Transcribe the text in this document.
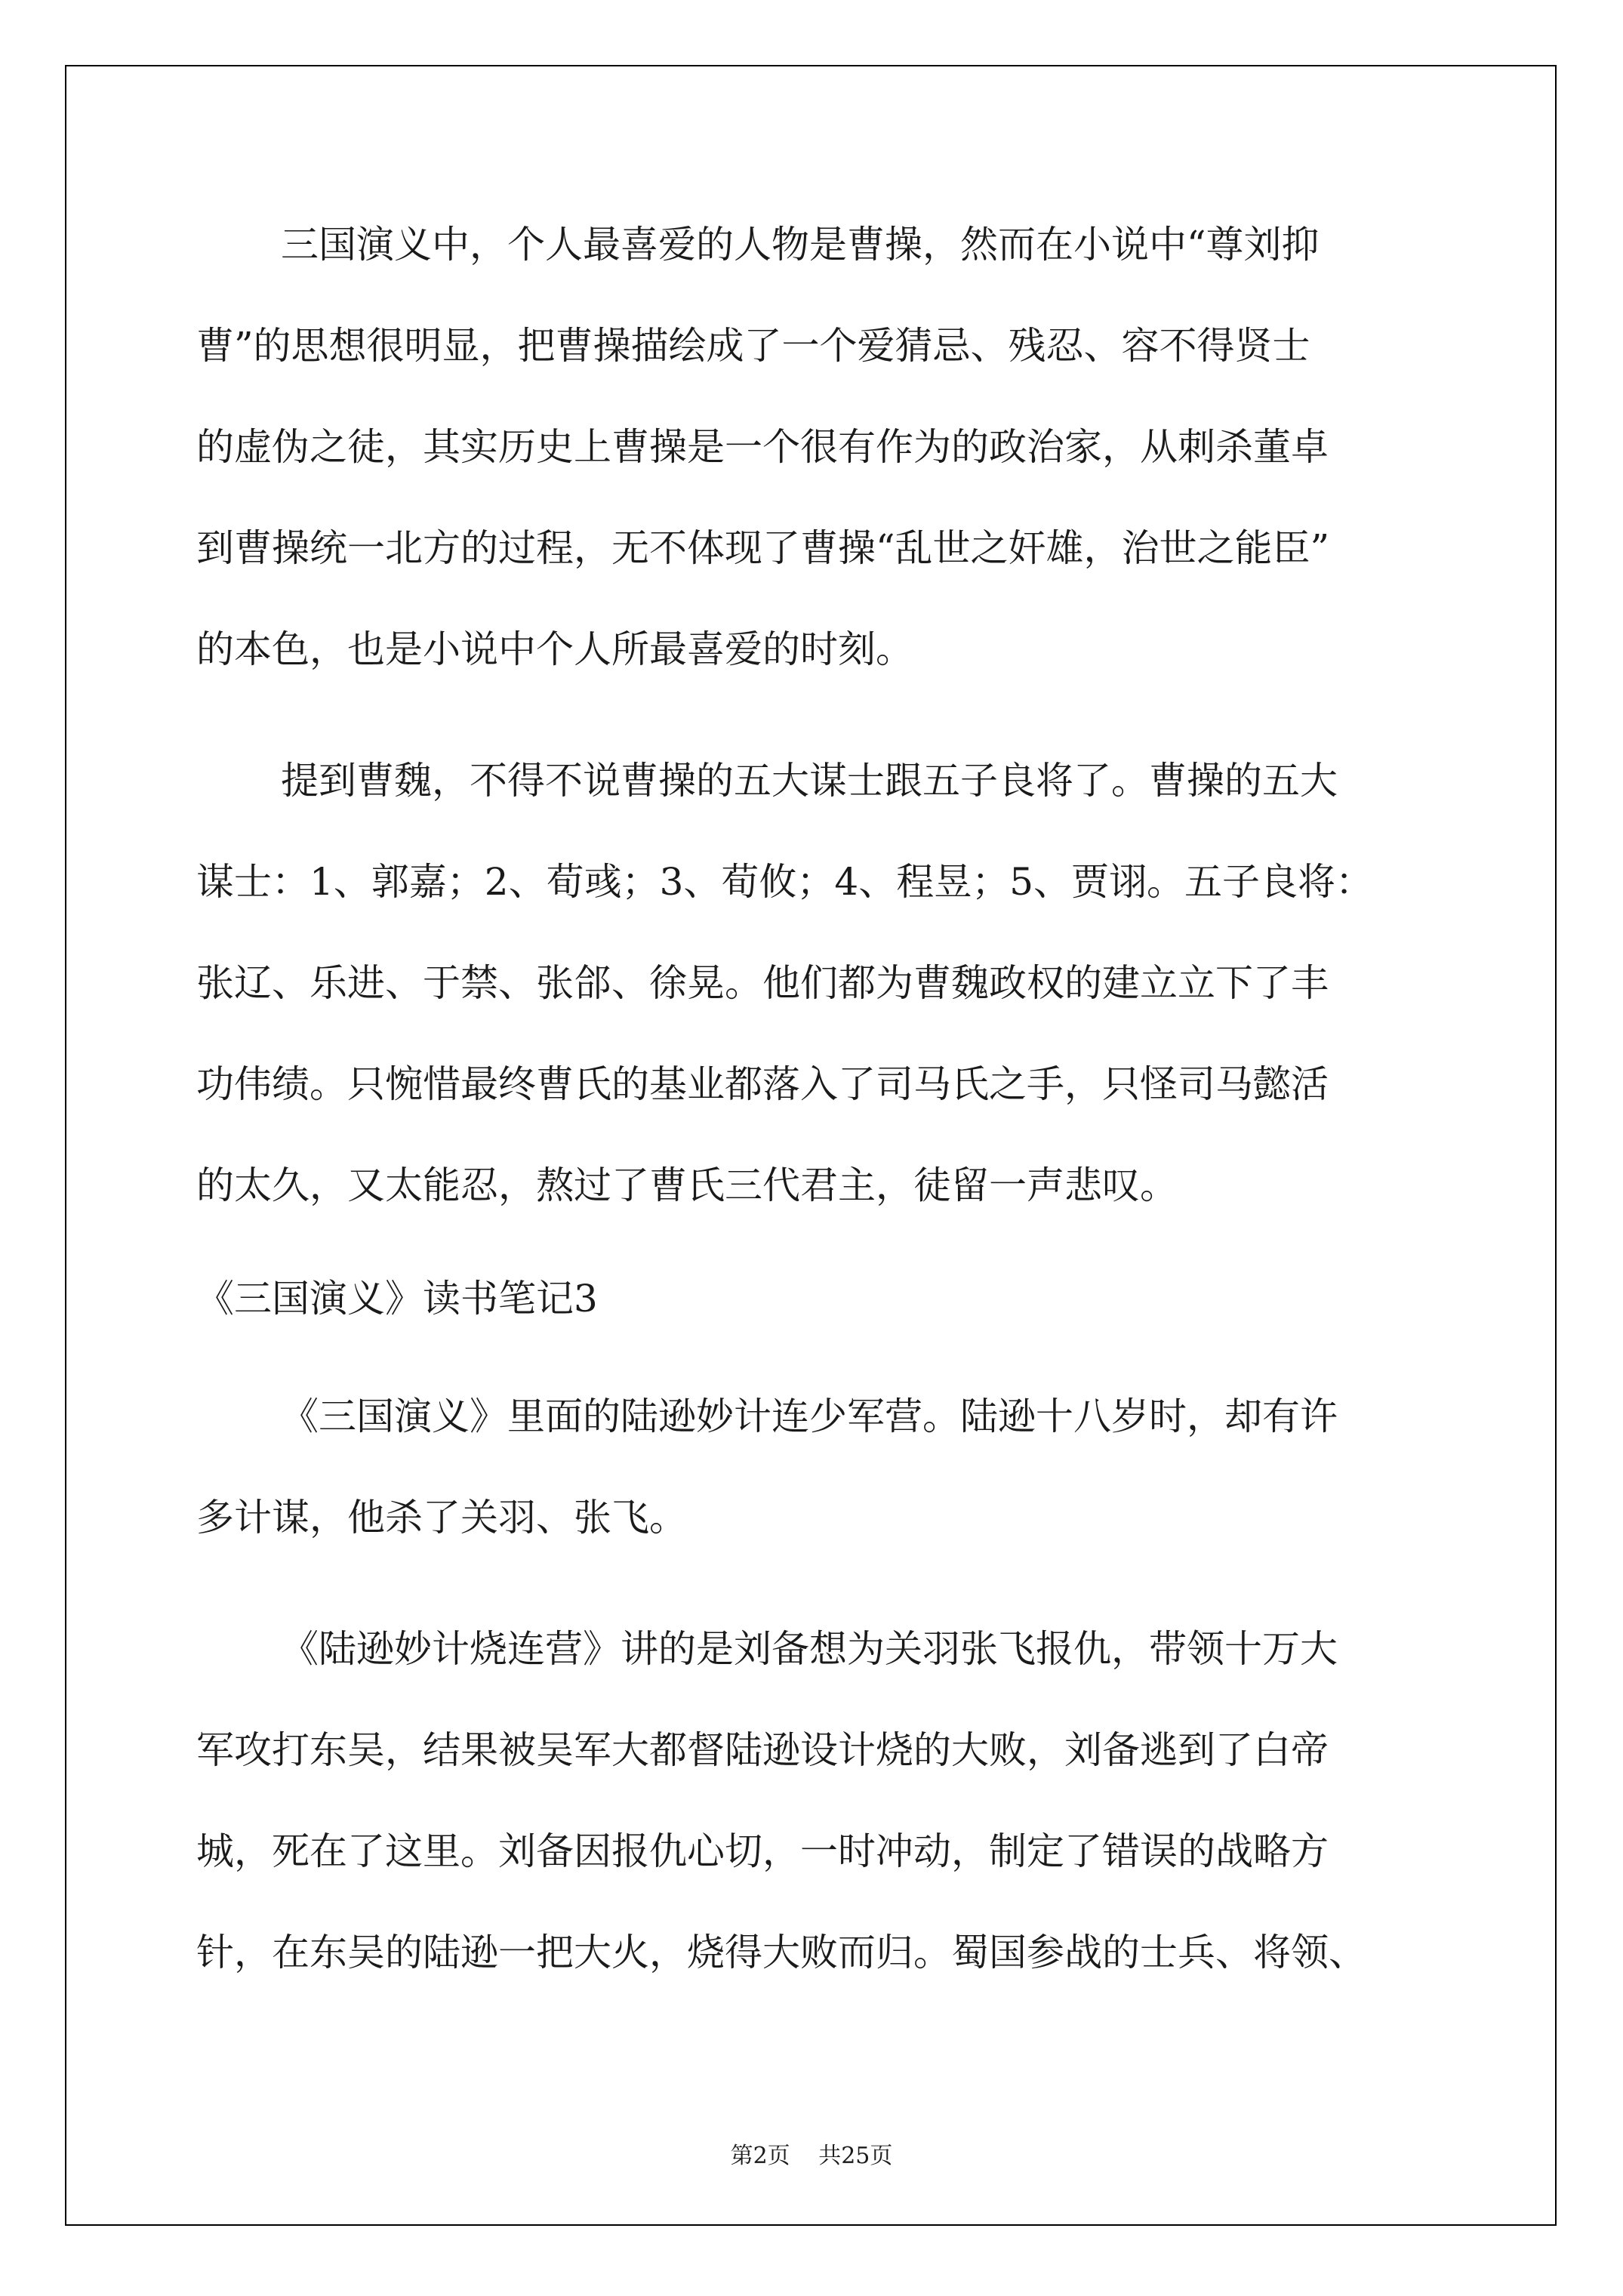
三国演义中，个人最喜爱的人物是曹操，然而在小说中“尊刘抑
曹”的思想很明显，把曹操描绘成了一个爱猜忌、残忍、容不得贤士
的虚伪之徒，其实历史上曹操是一个很有作为的政治家，从刺杀董卓
到曹操统一北方的过程，无不体现了曹操“乱世之奸雄，治世之能臣”
的本色，也是小说中个人所最喜爱的时刻。
提到曹魏，不得不说曹操的五大谋士跟五子良将了。曹操的五大
谋士：1、郭嘉；2、荀彧；3、荀攸；4、程昱；5、贾诩。五子良将：
张辽、乐进、于禁、张郃、徐晃。他们都为曹魏政权的建立立下了丰
功伟绩。只惋惜最终曹氏的基业都落入了司马氏之手，只怪司马懿活
的太久，又太能忍，熬过了曹氏三代君主，徒留一声悲叹。
《三国演义》读书笔记3
《三国演义》里面的陆逊妙计连少军营。陆逊十八岁时，却有许
多计谋，他杀了关羽、张飞。
《陆逊妙计烧连营》讲的是刘备想为关羽张飞报仇，带领十万大
军攻打东吴，结果被吴军大都督陆逊设计烧的大败，刘备逃到了白帝
城，死在了这里。刘备因报仇心切，一时冲动，制定了错误的战略方
针，在东吴的陆逊一把大火，烧得大败而归。蜀国参战的士兵、将领、
第2页 共25页
